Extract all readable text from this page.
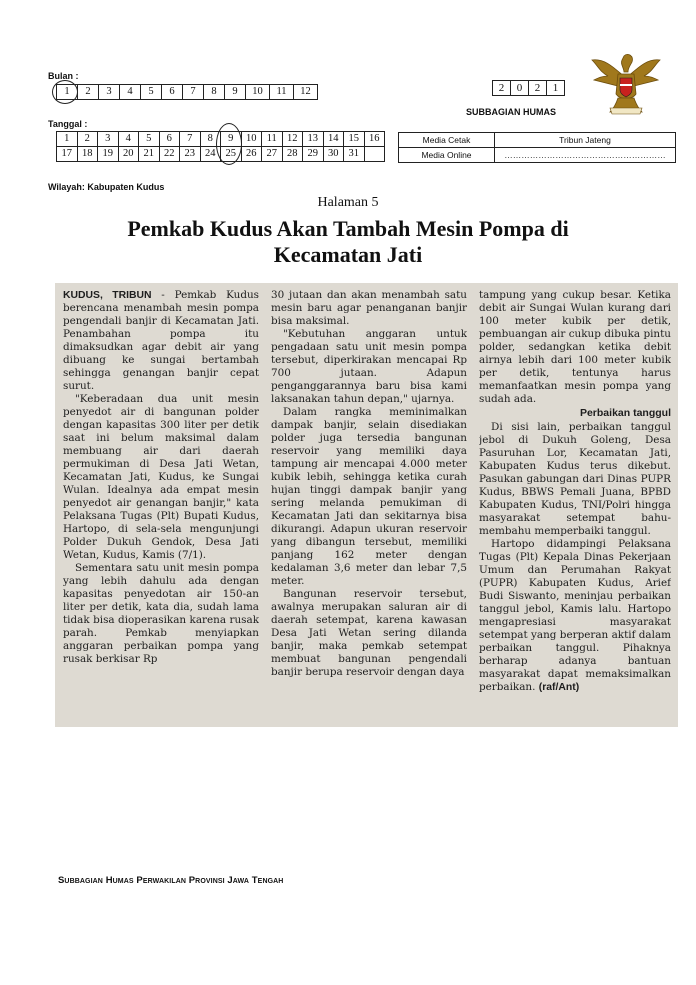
Bulan :
1	2	3	4	5	6	7	8	9	10	11	12
Tanggal :
1	2	3	4	5	6	7	8	9	10	11	12	13	14	15	16
17	18	19	20	21	22	23	24	25	26	27	28	29	30	31	
Wilayah: Kabupaten Kudus
2	0	2	1
SUBBAGIAN HUMAS
Media Cetak	Tribun Jateng
Media Online	…………………………………………………
Halaman 5
Pemkab Kudus Akan Tambah Mesin Pompa di
Kecamatan Jati

KUDUS, TRIBUN - Pemkab Kudus berencana menambah mesin pompa pengendali banjir di Kecamatan Jati. Penambahan pompa itu dimaksudkan agar debit air yang dibuang ke sungai bertambah sehingga genangan banjir cepat surut.

"Keberadaan dua unit mesin penyedot air di bangunan polder dengan kapasitas 300 liter per detik saat ini belum maksimal dalam membuang air dari daerah permukiman di Desa Jati Wetan, Kecamatan Jati, Kudus, ke Sungai Wulan. Idealnya ada empat mesin penyedot air genangan banjir," kata Pelaksana Tugas (Plt) Bupati Kudus, Hartopo, di sela-sela mengunjungi Polder Dukuh Gendok, Desa Jati Wetan, Kudus, Kamis (7/1).

Sementara satu unit mesin pompa yang lebih dahulu ada dengan kapasitas penyedotan air 150-an liter per detik, kata dia, sudah lama tidak bisa dioperasikan karena rusak parah. Pemkab menyiapkan anggaran perbaikan pompa yang rusak berkisar Rp

30 jutaan dan akan menambah satu mesin baru agar penanganan banjir bisa maksimal.

"Kebutuhan anggaran untuk pengadaan satu unit mesin pompa tersebut, diperkirakan mencapai Rp 700 jutaan. Adapun penganggarannya baru bisa kami laksanakan tahun depan," ujarnya.

Dalam rangka meminimalkan dampak banjir, selain disediakan polder juga tersedia bangunan reservoir yang memiliki daya tampung air mencapai 4.000 meter kubik lebih, sehingga ketika curah hujan tinggi dampak banjir yang sering melanda pemukiman di Kecamatan Jati dan sekitarnya bisa dikurangi. Adapun ukuran reservoir yang dibangun tersebut, memiliki panjang 162 meter dengan kedalaman 3,6 meter dan lebar 7,5 meter.

Bangunan reservoir tersebut, awalnya merupakan saluran air di daerah setempat, karena kawasan Desa Jati Wetan sering dilanda banjir, maka pemkab setempat membuat bangunan pengendali banjir berupa reservoir dengan daya

tampung yang cukup besar. Ketika debit air Sungai Wulan kurang dari 100 meter kubik per detik, pembuangan air cukup dibuka pintu polder, sedangkan ketika debit airnya lebih dari 100 meter kubik per detik, tentunya harus memanfaatkan mesin pompa yang sudah ada.

Perbaikan tanggul

Di sisi lain, perbaikan tanggul jebol di Dukuh Goleng, Desa Pasuruhan Lor, Kecamatan Jati, Kabupaten Kudus terus dikebut. Pasukan gabungan dari Dinas PUPR Kudus, BBWS Pemali Juana, BPBD Kabupaten Kudus, TNI/Polri hingga masyarakat setempat bahu-membahu memperbaiki tanggul.

Hartopo didampingi Pelaksana Tugas (Plt) Kepala Dinas Pekerjaan Umum dan Perumahan Rakyat (PUPR) Kabupaten Kudus, Arief Budi Siswanto, meninjau perbaikan tanggul jebol, Kamis lalu. Hartopo mengapresiasi masyarakat setempat yang berperan aktif dalam perbaikan tanggul. Pihaknya berharap adanya bantuan masyarakat dapat memaksimalkan perbaikan. (raf/Ant)

Subbagian Humas Perwakilan Provinsi Jawa Tengah
